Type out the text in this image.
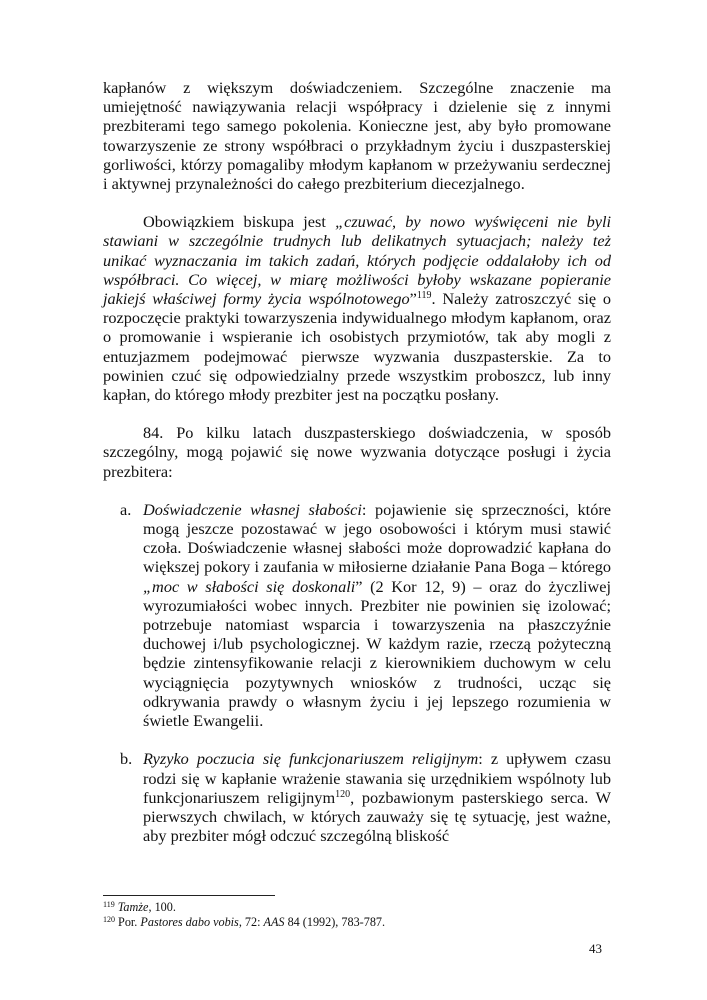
kapłanów z większym doświadczeniem. Szczególne znaczenie ma umiejętność nawiązywania relacji współpracy i dzielenie się z innymi prezbiterami tego samego pokolenia. Konieczne jest, aby było promowane towarzyszenie ze strony współbraci o przykładnym życiu i duszpasterskiej gorliwości, którzy pomagaliby młodym kapłanom w przeżywaniu serdecznej i aktywnej przynależności do całego prezbiterium diecezjalnego.

Obowiązkiem biskupa jest „czuwać, by nowo wyświęceni nie byli stawiani w szczególnie trudnych lub delikatnych sytuacjach; należy też unikać wyznaczania im takich zadań, których podjęcie oddalałoby ich od współbraci. Co więcej, w miarę możliwości byłoby wskazane popieranie jakiejś właściwej formy życia wspólnotowego”$^{119}$. Należy zatroszczyć się o rozpoczęcie praktyki towarzyszenia indywidualnego młodym kapłanom, oraz o promowanie i wspieranie ich osobistych przymiotów, tak aby mogli z entuzjazmem podejmować pierwsze wyzwania duszpasterskie. Za to powinien czuć się odpowiedzialny przede wszystkim proboszcz, lub inny kapłan, do którego młody prezbiter jest na początku posłany.

84. Po kilku latach duszpasterskiego doświadczenia, w sposób szczególny, mogą pojawić się nowe wyzwania dotyczące posługi i życia prezbitera:

a. Doświadczenie własnej słabości: pojawienie się sprzeczności, które mogą jeszcze pozostawać w jego osobowości i którym musi stawić czoła. Doświadczenie własnej słabości może doprowadzić kapłana do większej pokory i zaufania w miłosierne działanie Pana Boga – którego „moc w słabości się doskonali” (2 Kor 12, 9) – oraz do życzliwej wyrozumiałości wobec innych. Prezbiter nie powinien się izolować; potrzebuje natomiast wsparcia i towarzyszenia na płaszczyźnie duchowej i/lub psychologicznej. W każdym razie, rzeczą pożyteczną będzie zintensyfikowanie relacji z kierownikiem duchowym w celu wyciągnięcia pozytywnych wniosków z trudności, ucząc się odkrywania prawdy o własnym życiu i jej lepszego rozumienia w świetle Ewangelii.

b. Ryzyko poczucia się funkcjonariuszem religijnym: z upływem czasu rodzi się w kapłanie wrażenie stawania się urzędnikiem wspólnoty lub funkcjonariuszem religijnym$^{120}$, pozbawionym pasterskiego serca. W pierwszych chwilach, w których zauważy się tę sytuację, jest ważne, aby prezbiter mógł odczuć szczególną bliskość

$^{119}$ Tamże, 100.
$^{120}$ Por. Pastores dabo vobis, 72: AAS 84 (1992), 783-787.
43
